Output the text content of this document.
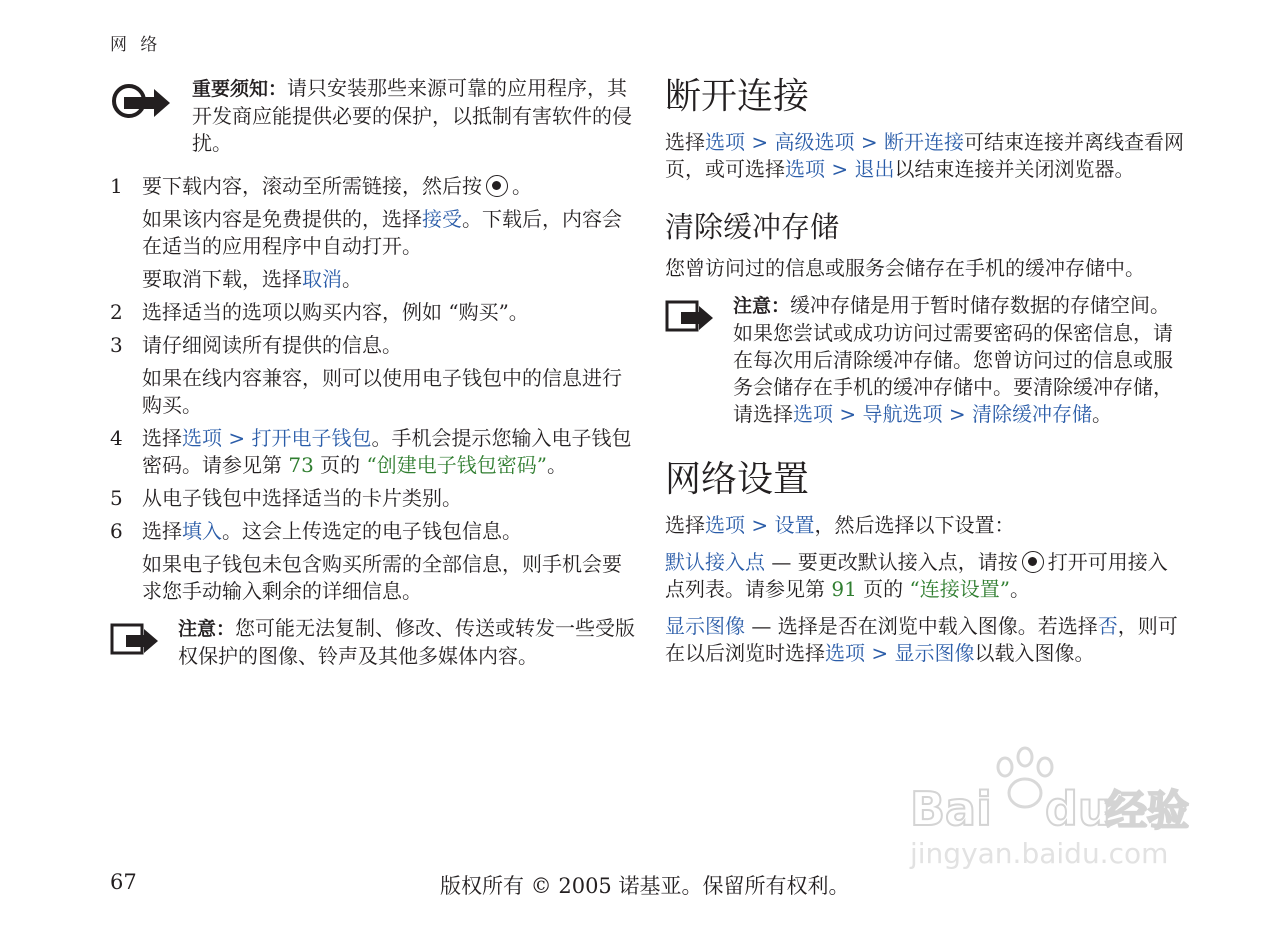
网 络
重要须知：请只安装那些来源可靠的应用程序，其开发商应能提供必要的保护，以抵制有害软件的侵扰。
1 要下载内容，滚动至所需链接，然后按 。
如果该内容是免费提供的，选择接受。下载后，内容会在适当的应用程序中自动打开。
要取消下载，选择取消。
2 选择适当的选项以购买内容，例如 “购买”。
3 请仔细阅读所有提供的信息。
如果在线内容兼容，则可以使用电子钱包中的信息进行购买。
4 选择选项 > 打开电子钱包。手机会提示您输入电子钱包密码。请参见第 73 页的 “创建电子钱包密码”。
5 从电子钱包中选择适当的卡片类别。
6 选择填入。这会上传选定的电子钱包信息。
如果电子钱包未包含购买所需的全部信息，则手机会要求您手动输入剩余的详细信息。
注意：您可能无法复制、修改、传送或转发一些受版权保护的图像、铃声及其他多媒体内容。
断开连接
选择选项 > 高级选项 > 断开连接可结束连接并离线查看网页，或可选择选项 > 退出以结束连接并关闭浏览器。
清除缓冲存储
您曾访问过的信息或服务会储存在手机的缓冲存储中。
注意：缓冲存储是用于暂时储存数据的存储空间。如果您尝试或成功访问过需要密码的保密信息，请在每次用后清除缓冲存储。您曾访问过的信息或服务会储存在手机的缓冲存储中。要清除缓冲存储，请选择选项 > 导航选项 > 清除缓冲存储。
网络设置
选择选项 > 设置，然后选择以下设置：
默认接入点 — 要更改默认接入点，请按 打开可用接入点列表。请参见第 91 页的 “连接设置”。
显示图像 — 选择是否在浏览中载入图像。若选择否，则可在以后浏览时选择选项 > 显示图像以载入图像。
Bai du
经验
jingyan.baidu.com
67	版权所有 © 2005 诺基亚。保留所有权利。
